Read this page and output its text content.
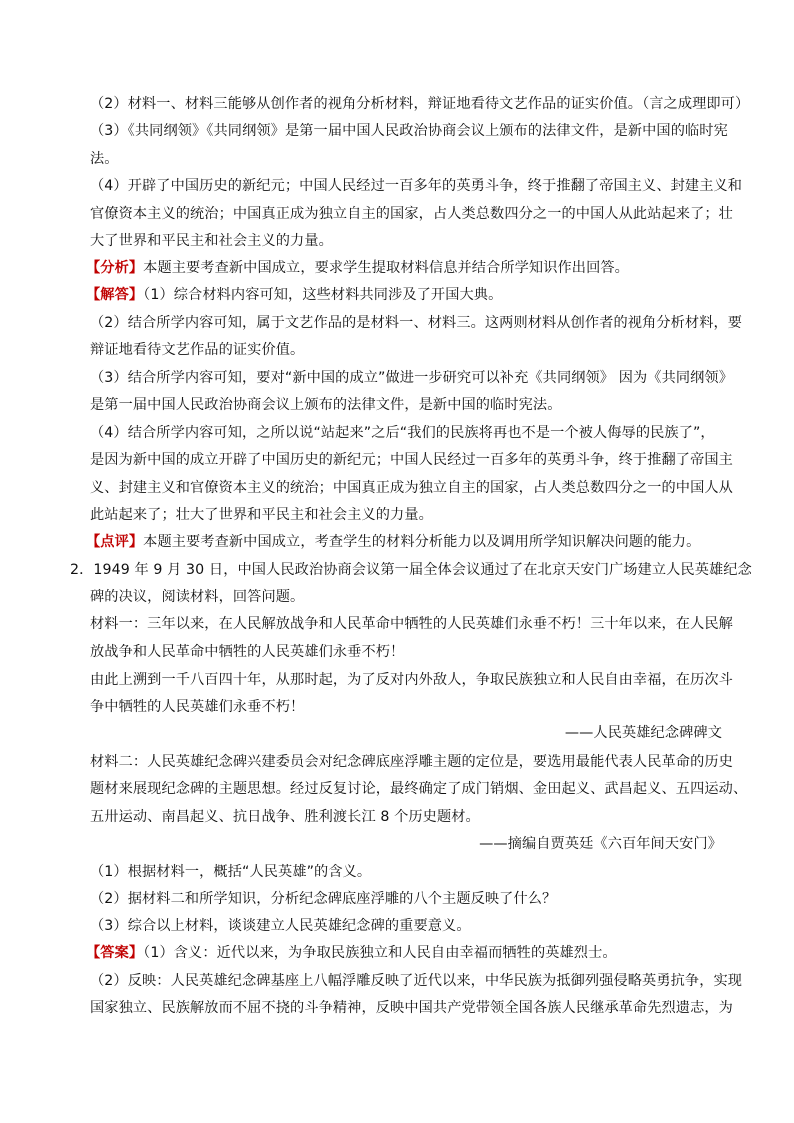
（2）材料一、材料三能够从创作者的视角分析材料，辩证地看待文艺作品的证实价值。（言之成理即可）
（3）《共同纲领》《共同纲领》是第一届中国人民政治协商会议上颁布的法律文件，是新中国的临时宪
法。
（4）开辟了中国历史的新纪元；中国人民经过一百多年的英勇斗争，终于推翻了帝国主义、封建主义和
官僚资本主义的统治；中国真正成为独立自主的国家，占人类总数四分之一的中国人从此站起来了；壮
大了世界和平民主和社会主义的力量。
【分析】本题主要考查新中国成立，要求学生提取材料信息并结合所学知识作出回答。
【解答】（1）综合材料内容可知，这些材料共同涉及了开国大典。
（2）结合所学内容可知，属于文艺作品的是材料一、材料三。这两则材料从创作者的视角分析材料，要
辩证地看待文艺作品的证实价值。
（3）结合所学内容可知，要对“新中国的成立”做进一步研究可以补充《共同纲领》 因为《共同纲领》
是第一届中国人民政治协商会议上颁布的法律文件，是新中国的临时宪法。
（4）结合所学内容可知，之所以说“站起来”之后“我们的民族将再也不是一个被人侮辱的民族了”，
是因为新中国的成立开辟了中国历史的新纪元；中国人民经过一百多年的英勇斗争，终于推翻了帝国主
义、封建主义和官僚资本主义的统治；中国真正成为独立自主的国家，占人类总数四分之一的中国人从
此站起来了；壮大了世界和平民主和社会主义的力量。
【点评】本题主要考查新中国成立，考查学生的材料分析能力以及调用所学知识解决问题的能力。
2．1949 年 9 月 30 日，中国人民政治协商会议第一届全体会议通过了在北京天安门广场建立人民英雄纪念
碑的决议，阅读材料，回答问题。
材料一：三年以来，在人民解放战争和人民革命中牺牲的人民英雄们永垂不朽！三十年以来，在人民解
放战争和人民革命中牺牲的人民英雄们永垂不朽！
由此上溯到一千八百四十年，从那时起，为了反对内外敌人，争取民族独立和人民自由幸福，在历次斗
争中牺牲的人民英雄们永垂不朽！
——人民英雄纪念碑碑文
材料二：人民英雄纪念碑兴建委员会对纪念碑底座浮雕主题的定位是，要选用最能代表人民革命的历史
题材来展现纪念碑的主题思想。经过反复讨论，最终确定了成门销烟、金田起义、武昌起义、五四运动、
五卅运动、南昌起义、抗日战争、胜利渡长江 8 个历史题材。
——摘编自贾英廷《六百年间天安门》
（1）根据材料一，概括“人民英雄”的含义。
（2）据材料二和所学知识，分析纪念碑底座浮雕的八个主题反映了什么？
（3）综合以上材料，谈谈建立人民英雄纪念碑的重要意义。
【答案】（1）含义：近代以来，为争取民族独立和人民自由幸福而牺牲的英雄烈士。
（2）反映：人民英雄纪念碑基座上八幅浮雕反映了近代以来，中华民族为抵御列强侵略英勇抗争，实现
国家独立、民族解放而不屈不挠的斗争精神，反映中国共产党带领全国各族人民继承革命先烈遗志，为
